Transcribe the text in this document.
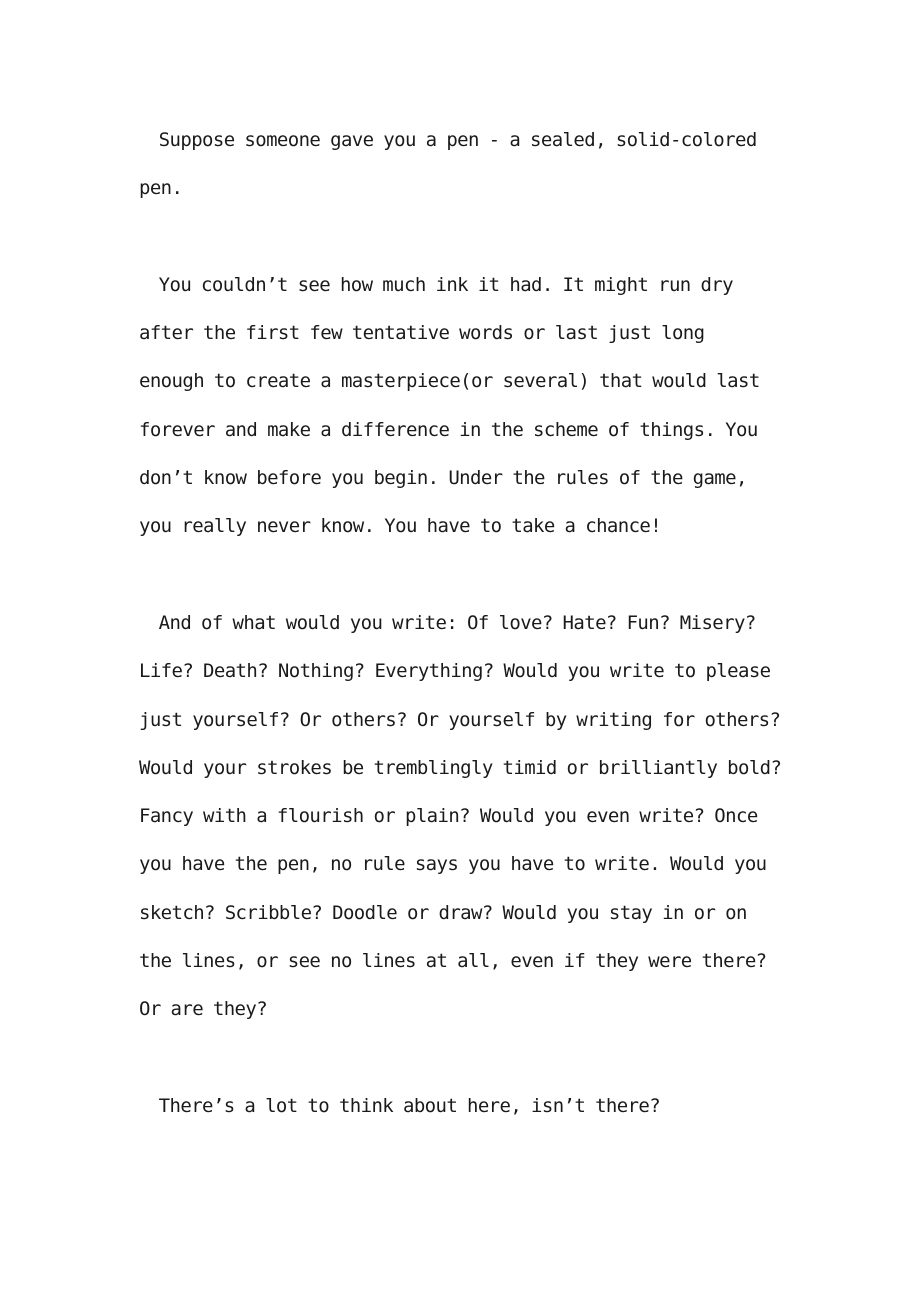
Suppose someone gave you a pen - a sealed, solid-colored
pen.
You couldn’t see how much ink it had. It might run dry
after the first few tentative words or last just long
enough to create a masterpiece(or several) that would last
forever and make a difference in the scheme of things. You
don’t know before you begin. Under the rules of the game,
you really never know. You have to take a chance!
And of what would you write: Of love? Hate? Fun? Misery?
Life? Death? Nothing? Everything? Would you write to please
just yourself? Or others? Or yourself by writing for others?
Would your strokes be tremblingly timid or brilliantly bold?
Fancy with a flourish or plain? Would you even write? Once
you have the pen, no rule says you have to write. Would you
sketch? Scribble? Doodle or draw? Would you stay in or on
the lines, or see no lines at all, even if they were there?
Or are they?
There’s a lot to think about here, isn’t there?
